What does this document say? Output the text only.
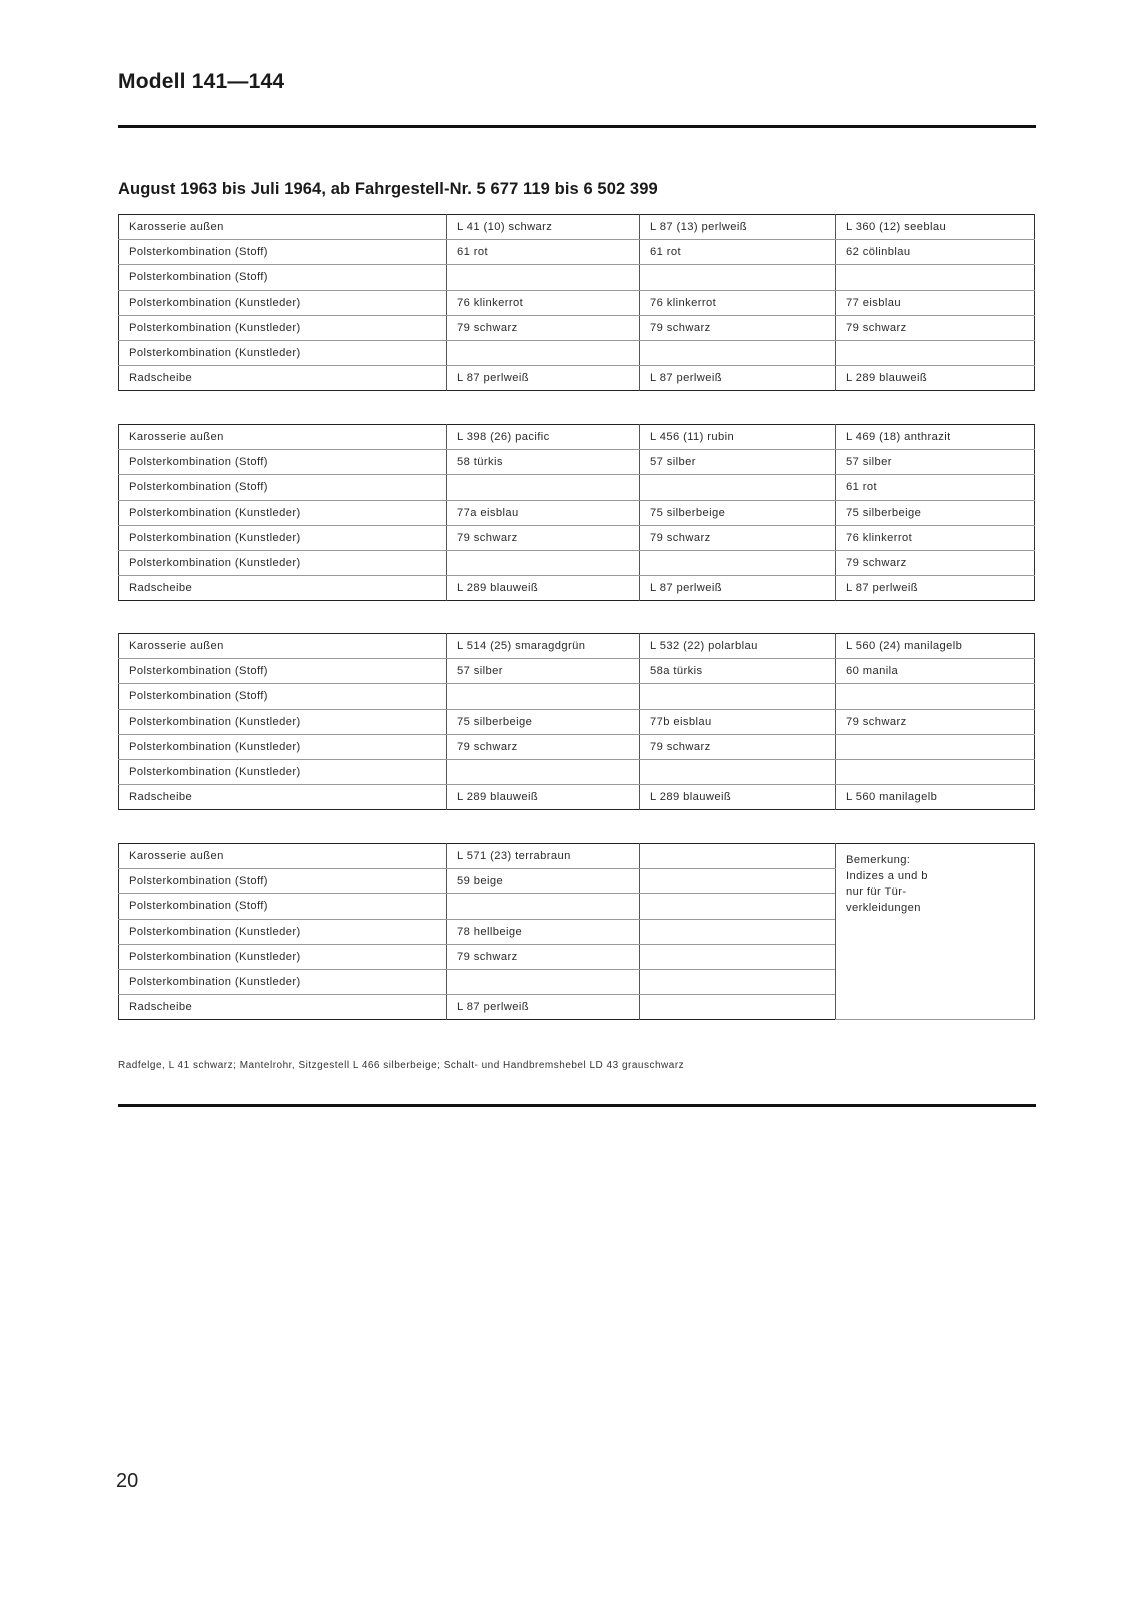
Modell 141—144
August 1963 bis Juli 1964, ab Fahrgestell-Nr. 5 677 119 bis 6 502 399
Karosserie außen	L 41 (10) schwarz	L 87 (13) perlweiß	L 360 (12) seeblau
Polsterkombination (Stoff)	61 rot	61 rot	62 cölinblau
Polsterkombination (Stoff)			
Polsterkombination (Kunstleder)	76 klinkerrot	76 klinkerrot	77 eisblau
Polsterkombination (Kunstleder)	79 schwarz	79 schwarz	79 schwarz
Polsterkombination (Kunstleder)			
Radscheibe	L 87 perlweiß	L 87 perlweiß	L 289 blauweiß
Karosserie außen	L 398 (26) pacific	L 456 (11) rubin	L 469 (18) anthrazit
Polsterkombination (Stoff)	58 türkis	57 silber	57 silber
Polsterkombination (Stoff)			61 rot
Polsterkombination (Kunstleder)	77a eisblau	75 silberbeige	75 silberbeige
Polsterkombination (Kunstleder)	79 schwarz	79 schwarz	76 klinkerrot
Polsterkombination (Kunstleder)			79 schwarz
Radscheibe	L 289 blauweiß	L 87 perlweiß	L 87 perlweiß
Karosserie außen	L 514 (25) smaragdgrün	L 532 (22) polarblau	L 560 (24) manilagelb
Polsterkombination (Stoff)	57 silber	58a türkis	60 manila
Polsterkombination (Stoff)			
Polsterkombination (Kunstleder)	75 silberbeige	77b eisblau	79 schwarz
Polsterkombination (Kunstleder)	79 schwarz	79 schwarz	
Polsterkombination (Kunstleder)			
Radscheibe	L 289 blauweiß	L 289 blauweiß	L 560 manilagelb
Karosserie außen	L 571 (23) terrabraun		Bemerkung:
Indizes a und b
nur für Tür-
verkleidungen

Polsterkombination (Stoff)	59 beige		
Polsterkombination (Stoff)			
Polsterkombination (Kunstleder)	78 hellbeige		
Polsterkombination (Kunstleder)	79 schwarz		
Polsterkombination (Kunstleder)			
Radscheibe	L 87 perlweiß		
Radfelge, L 41 schwarz; Mantelrohr, Sitzgestell L 466 silberbeige; Schalt- und Handbremshebel LD 43 grauschwarz
20
